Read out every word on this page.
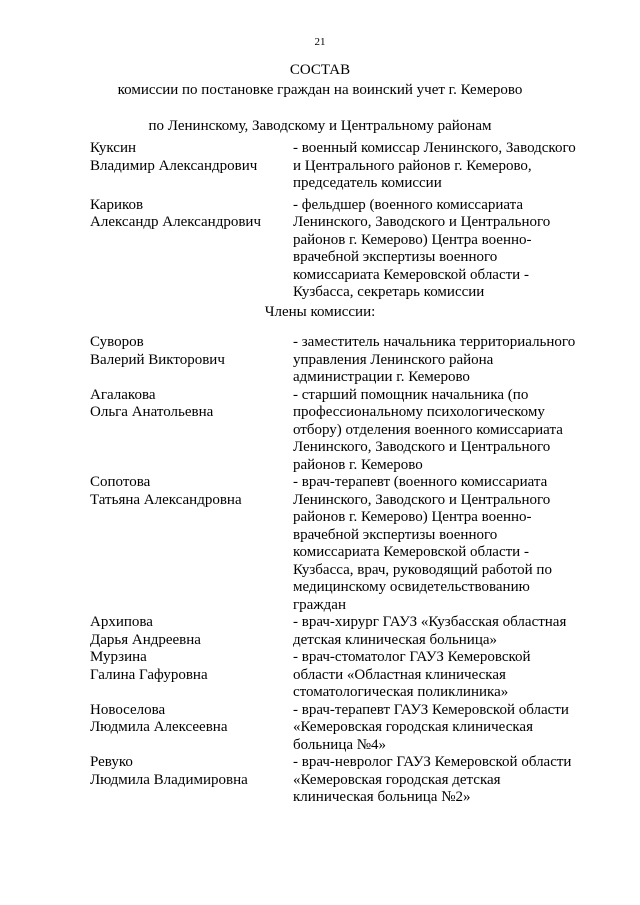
21
СОСТАВ
комиссии по постановке граждан на воинский учет г. Кемерово
по Ленинскому, Заводскому и Центральному районам
Куксин
Владимир Александрович
- военный комиссар Ленинского, Заводского
и Центрального районов г. Кемерово,
председатель комиссии
Кариков
Александр Александрович
- фельдшер (военного комиссариата
Ленинского, Заводского и Центрального
районов г. Кемерово) Центра военно-
врачебной экспертизы военного
комиссариата Кемеровской области -
Кузбасса, секретарь комиссии
Члены комиссии:
Суворов
Валерий Викторович
- заместитель начальника территориального
управления Ленинского района
администрации г. Кемерово
Агалакова
Ольга Анатольевна
- старший помощник начальника (по
профессиональному психологическому
отбору) отделения военного комиссариата
Ленинского, Заводского и Центрального
районов г. Кемерово
Сопотова
Татьяна Александровна
- врач-терапевт (военного комиссариата
Ленинского, Заводского и Центрального
районов г. Кемерово) Центра военно-
врачебной экспертизы военного
комиссариата Кемеровской области -
Кузбасса, врач, руководящий работой по
медицинскому освидетельствованию
граждан
Архипова
Дарья Андреевна
- врач-хирург ГАУЗ «Кузбасская областная
детская клиническая больница»
Мурзина
Галина Гафуровна
- врач-стоматолог ГАУЗ Кемеровской
области «Областная клиническая
стоматологическая поликлиника»
Новоселова
Людмила Алексеевна
- врач-терапевт ГАУЗ Кемеровской области
«Кемеровская городская клиническая
больница №4»
Ревуко
Людмила Владимировна
- врач-невролог ГАУЗ Кемеровской области
«Кемеровская городская детская
клиническая больница №2»
